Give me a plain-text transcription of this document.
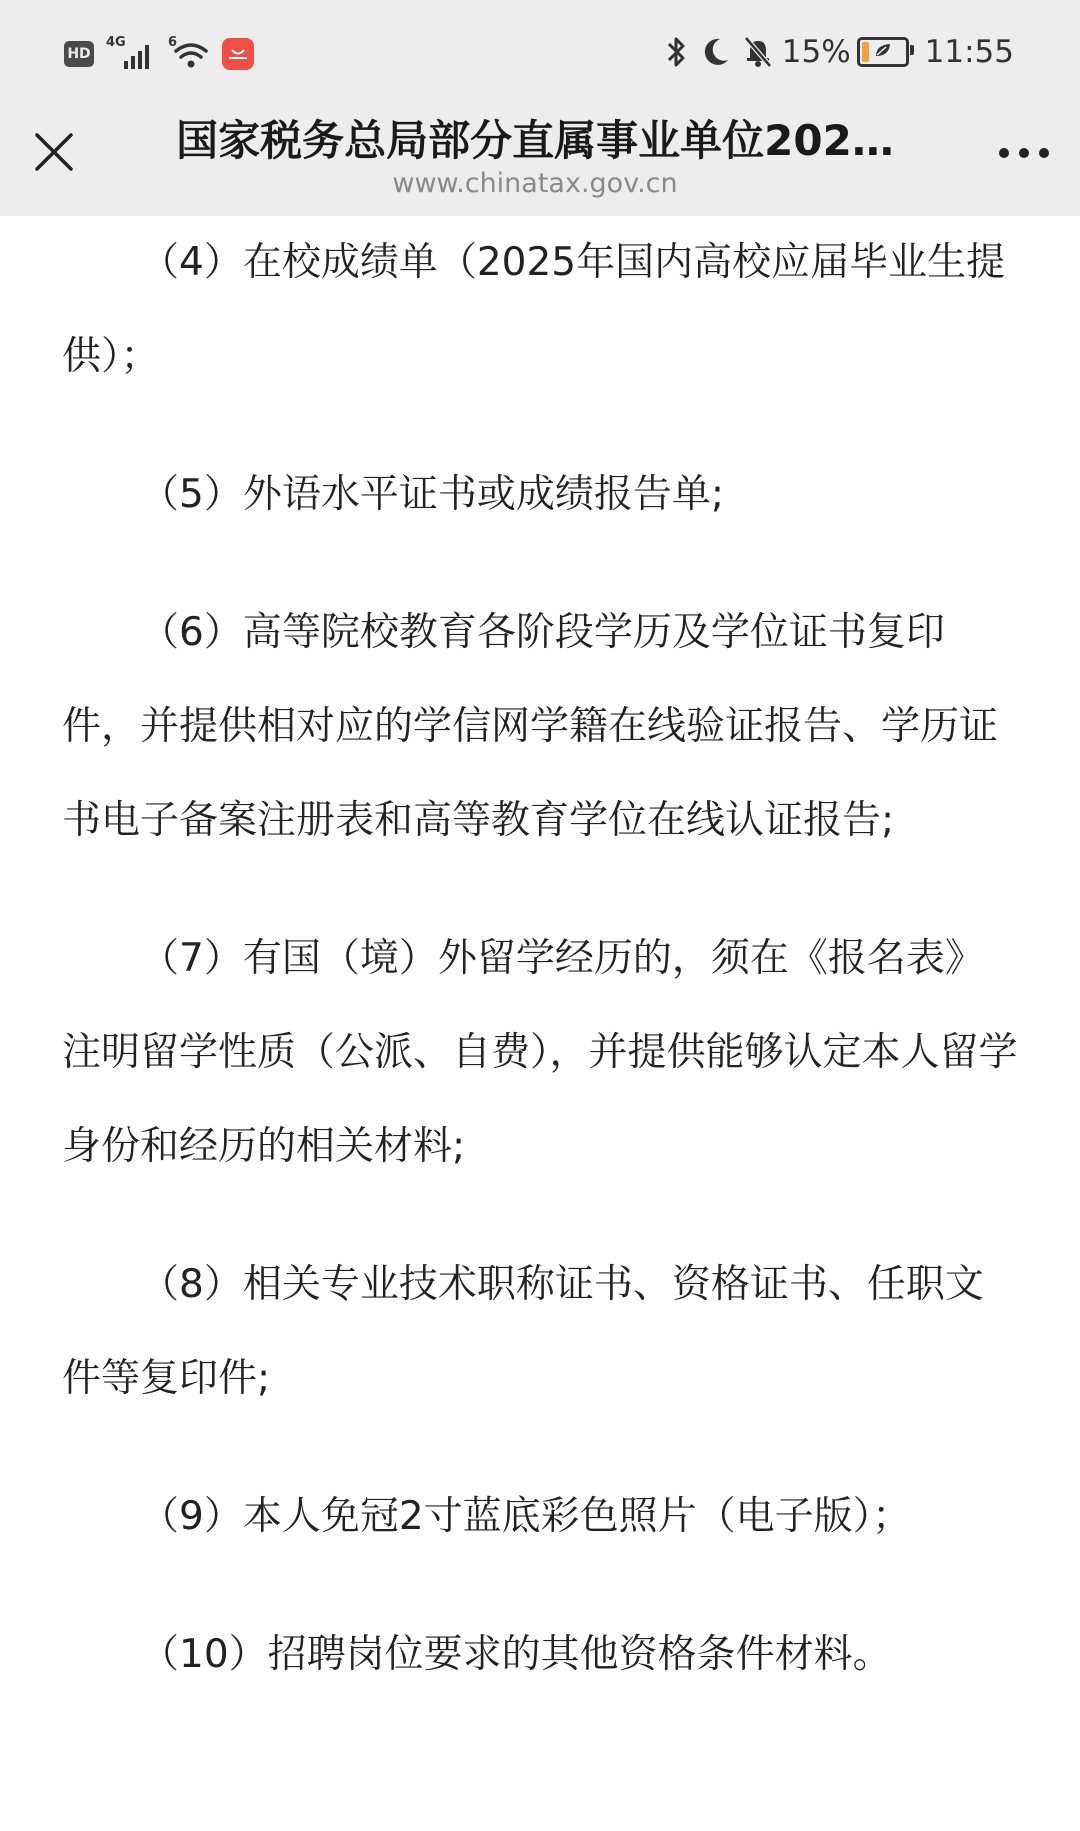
HD
4G	6	15% 11:55
国家税务总局部分直属事业单位202…
www.chinatax.gov.cn

（4）在校成绩单（2025年国内高校应届毕业生提供）；

（5）外语水平证书或成绩报告单;

（6）高等院校教育各阶段学历及学位证书复印件，并提供相对应的学信网学籍在线验证报告、学历证书电子备案注册表和高等教育学位在线认证报告;

（7）有国（境）外留学经历的，须在《报名表》注明留学性质（公派、自费），并提供能够认定本人留学身份和经历的相关材料;

（8）相关专业技术职称证书、资格证书、任职文件等复印件;

（9）本人免冠2寸蓝底彩色照片（电子版）；

（10）招聘岗位要求的其他资格条件材料。
